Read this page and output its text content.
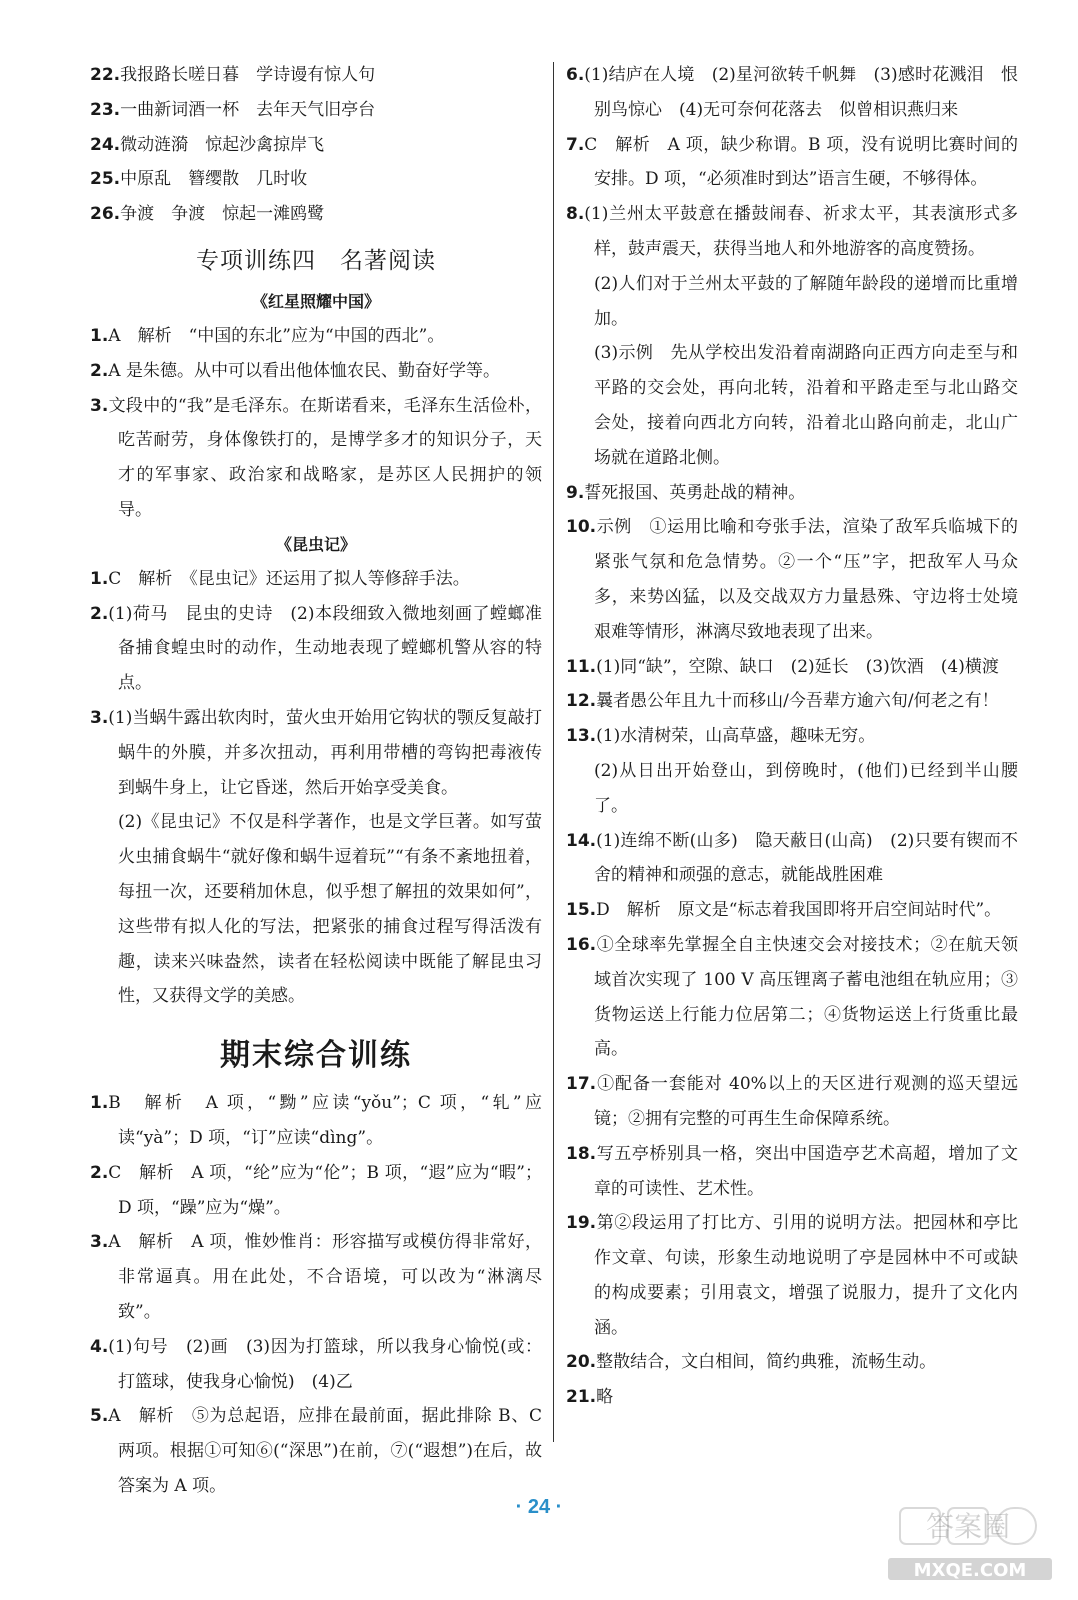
22.我报路长嗟日暮　学诗谩有惊人句
23.一曲新词酒一杯　去年天气旧亭台
24.微动涟漪　惊起沙禽掠岸飞
25.中原乱　簪缨散　几时收
26.争渡　争渡　惊起一滩鸥鹭
专项训练四　名著阅读
《红星照耀中国》
1.A　解析　“中国的东北”应为“中国的西北”。
2.A 是朱德。从中可以看出他体恤农民、勤奋好学等。
3.文段中的“我”是毛泽东。在斯诺看来，毛泽东生活俭朴，吃苦耐劳，身体像铁打的，是博学多才的知识分子，天才的军事家、政治家和战略家，是苏区人民拥护的领导。
《昆虫记》
1.C　解析　《昆虫记》还运用了拟人等修辞手法。
2.(1)荷马　昆虫的史诗　(2)本段细致入微地刻画了螳螂准备捕食蝗虫时的动作，生动地表现了螳螂机警从容的特点。
3.(1)当蜗牛露出软肉时，萤火虫开始用它钩状的颚反复敲打蜗牛的外膜，并多次扭动，再利用带槽的弯钩把毒液传到蜗牛身上，让它昏迷，然后开始享受美食。
(2)《昆虫记》不仅是科学著作，也是文学巨著。如写萤火虫捕食蜗牛“就好像和蜗牛逗着玩”“有条不紊地扭着，每扭一次，还要稍加休息，似乎想了解扭的效果如何”，这些带有拟人化的写法，把紧张的捕食过程写得活泼有趣，读来兴味盎然，读者在轻松阅读中既能了解昆虫习性，又获得文学的美感。
期末综合训练
1.B　解析　A 项，“黝”应读“yǒu”；C 项，“轧”应读“yà”；D 项，“订”应读“dìng”。
2.C　解析　A 项，“纶”应为“伦”；B 项，“遐”应为“暇”；D 项，“躁”应为“燥”。
3.A　解析　A 项，惟妙惟肖：形容描写或模仿得非常好，非常逼真。用在此处，不合语境，可以改为“淋漓尽致”。
4.(1)句号　(2)画　(3)因为打篮球，所以我身心愉悦(或：打篮球，使我身心愉悦)　(4)乙
5.A　解析　⑤为总起语，应排在最前面，据此排除 B、C 两项。根据①可知⑥(“深思”)在前，⑦(“遐想”)在后，故答案为 A 项。
6.(1)结庐在人境　(2)星河欲转千帆舞　(3)感时花溅泪　恨别鸟惊心　(4)无可奈何花落去　似曾相识燕归来
7.C　解析　A 项，缺少称谓。B 项，没有说明比赛时间的安排。D 项，“必须准时到达”语言生硬，不够得体。
8.(1)兰州太平鼓意在播鼓闹春、祈求太平，其表演形式多样，鼓声震天，获得当地人和外地游客的高度赞扬。
(2)人们对于兰州太平鼓的了解随年龄段的递增而比重增加。
(3)示例　先从学校出发沿着南湖路向正西方向走至与和平路的交会处，再向北转，沿着和平路走至与北山路交会处，接着向西北方向转，沿着北山路向前走，北山广场就在道路北侧。
9.誓死报国、英勇赴战的精神。
10.示例　①运用比喻和夸张手法，渲染了敌军兵临城下的紧张气氛和危急情势。②一个“压”字，把敌军人马众多，来势凶猛，以及交战双方力量悬殊、守边将士处境艰难等情形，淋漓尽致地表现了出来。
11.(1)同“缺”，空隙、缺口　(2)延长　(3)饮酒　(4)横渡
12.曩者愚公年且九十而移山/今吾辈方逾六旬/何老之有！
13.(1)水清树荣，山高草盛，趣味无穷。
(2)从日出开始登山，到傍晚时，(他们)已经到半山腰了。
14.(1)连绵不断(山多)　隐天蔽日(山高)　(2)只要有锲而不舍的精神和顽强的意志，就能战胜困难
15.D　解析　原文是“标志着我国即将开启空间站时代”。
16.①全球率先掌握全自主快速交会对接技术；②在航天领域首次实现了 100 V 高压锂离子蓄电池组在轨应用；③货物运送上行能力位居第二；④货物运送上行货重比最高。
17.①配备一套能对 40%以上的天区进行观测的巡天望远镜；②拥有完整的可再生生命保障系统。
18.写五亭桥别具一格，突出中国造亭艺术高超，增加了文章的可读性、艺术性。
19.第②段运用了打比方、引用的说明方法。把园林和亭比作文章、句读，形象生动地说明了亭是园林中不可或缺的构成要素；引用袁文，增强了说服力，提升了文化内涵。
20.整散结合，文白相间，简约典雅，流畅生动。
21.略
· 24 ·
答案圈
MXQE.COM
